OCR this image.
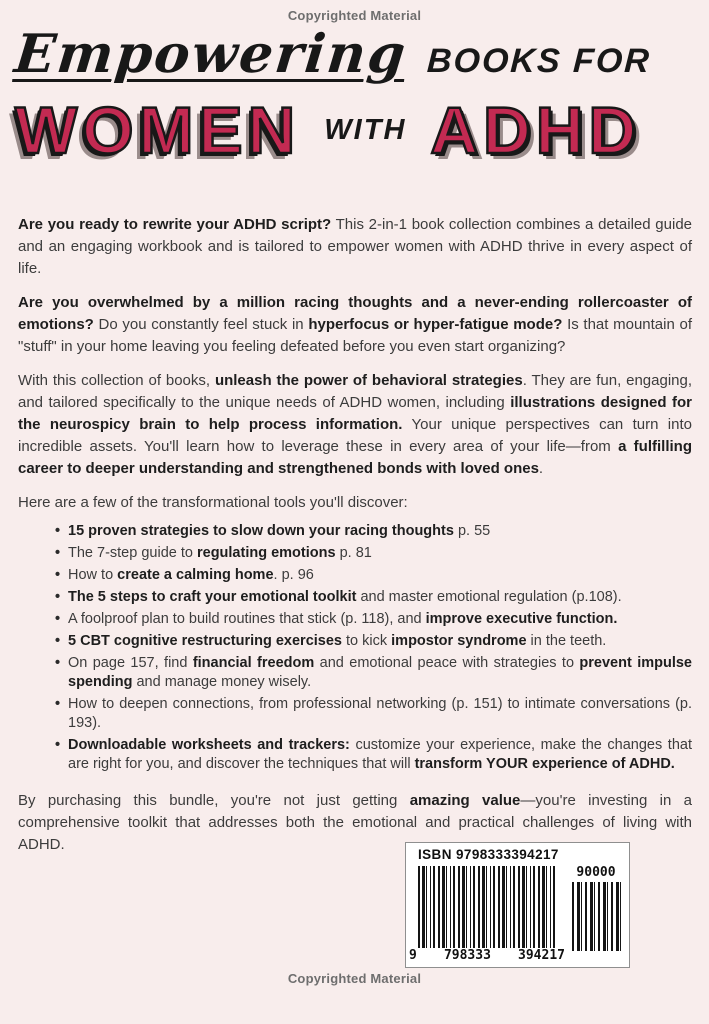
Copyrighted Material
Empowering BOOKS FOR
WOMEN WITH ADHD

Are you ready to rewrite your ADHD script? This 2-in-1 book collection combines a detailed guide and an engaging workbook and is tailored to empower women with ADHD thrive in every aspect of life.

Are you overwhelmed by a million racing thoughts and a never-ending rollercoaster of emotions? Do you constantly feel stuck in hyperfocus or hyper-fatigue mode? Is that mountain of "stuff" in your home leaving you feeling defeated before you even start organizing?

With this collection of books, unleash the power of behavioral strategies. They are fun, engaging, and tailored specifically to the unique needs of ADHD women, including illustrations designed for the neurospicy brain to help process information. Your unique perspectives can turn into incredible assets. You'll learn how to leverage these in every area of your life—from a fulfilling career to deeper understanding and strengthened bonds with loved ones.

Here are a few of the transformational tools you'll discover:

• 15 proven strategies to slow down your racing thoughts p. 55
• The 7-step guide to regulating emotions p. 81
• How to create a calming home. p. 96
• The 5 steps to craft your emotional toolkit and master emotional regulation (p.108).
• A foolproof plan to build routines that stick (p. 118), and improve executive function.
• 5 CBT cognitive restructuring exercises to kick impostor syndrome in the teeth.
• On page 157, find financial freedom and emotional peace with strategies to prevent impulse spending and manage money wisely.
• How to deepen connections, from professional networking (p. 151) to intimate conversations (p. 193).
• Downloadable worksheets and trackers: customize your experience, make the changes that are right for you, and discover the techniques that will transform YOUR experience of ADHD.

By purchasing this bundle, you're not just getting amazing value—you're investing in a comprehensive toolkit that addresses both the emotional and practical challenges of living with ADHD.

ISBN 9798333394217
9 798333 394217
90000
Copyrighted Material
